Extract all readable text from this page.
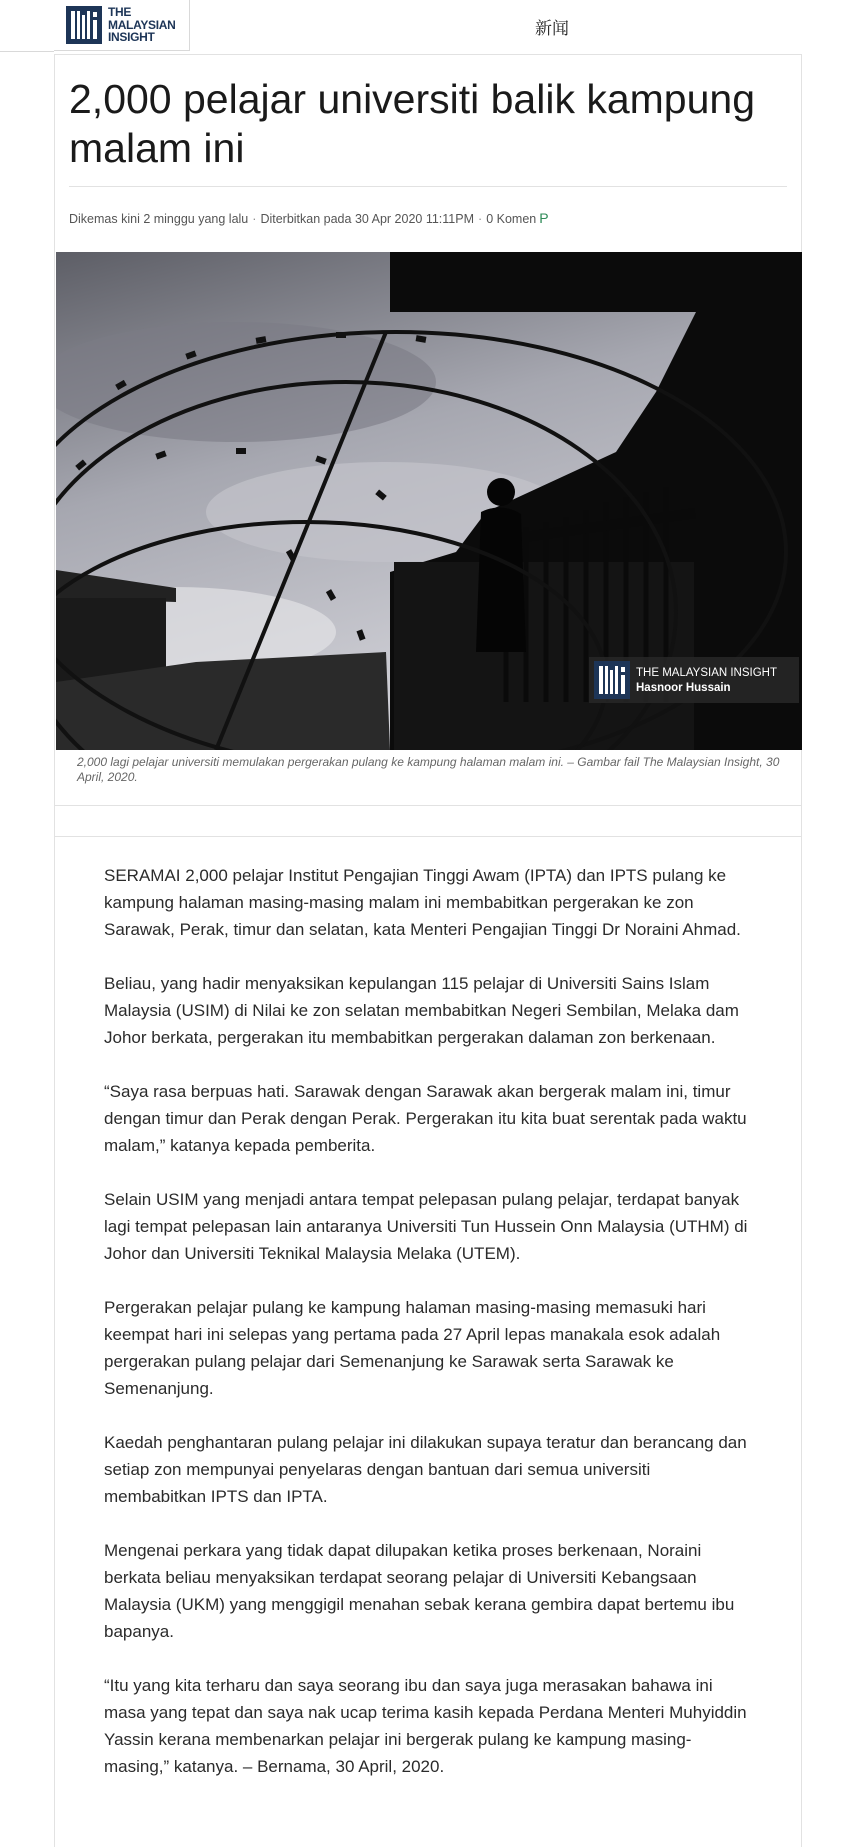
THE
MALAYSIAN
INSIGHT	新闻
2,000 pelajar universiti balik kampung malam ini
Dikemas kini 2 minggu yang lalu · Diterbitkan pada 30 Apr 2020 11:11PM · 0 Komen P
THE MALAYSIAN INSIGHT
Hasnoor Hussain
2,000 lagi pelajar universiti memulakan pergerakan pulang ke kampung halaman malam ini. – Gambar fail The Malaysian Insight, 30 April, 2020.

SERAMAI 2,000 pelajar Institut Pengajian Tinggi Awam (IPTA) dan IPTS pulang ke kampung halaman masing-masing malam ini membabitkan pergerakan ke zon Sarawak, Perak, timur dan selatan, kata Menteri Pengajian Tinggi Dr Noraini Ahmad.

Beliau, yang hadir menyaksikan kepulangan 115 pelajar di Universiti Sains Islam Malaysia (USIM) di Nilai ke zon selatan membabitkan Negeri Sembilan, Melaka dam Johor berkata, pergerakan itu membabitkan pergerakan dalaman zon berkenaan.

“Saya rasa berpuas hati. Sarawak dengan Sarawak akan bergerak malam ini, timur dengan timur dan Perak dengan Perak. Pergerakan itu kita buat serentak pada waktu malam,” katanya kepada pemberita.

Selain USIM yang menjadi antara tempat pelepasan pulang pelajar, terdapat banyak lagi tempat pelepasan lain antaranya Universiti Tun Hussein Onn Malaysia (UTHM) di Johor dan Universiti Teknikal Malaysia Melaka (UTEM).

Pergerakan pelajar pulang ke kampung halaman masing-masing memasuki hari keempat hari ini selepas yang pertama pada 27 April lepas manakala esok adalah pergerakan pulang pelajar dari Semenanjung ke Sarawak serta Sarawak ke Semenanjung.

Kaedah penghantaran pulang pelajar ini dilakukan supaya teratur dan berancang dan setiap zon mempunyai penyelaras dengan bantuan dari semua universiti membabitkan IPTS dan IPTA.

Mengenai perkara yang tidak dapat dilupakan ketika proses berkenaan, Noraini berkata beliau menyaksikan terdapat seorang pelajar di Universiti Kebangsaan Malaysia (UKM) yang menggigil menahan sebak kerana gembira dapat bertemu ibu bapanya.

“Itu yang kita terharu dan saya seorang ibu dan saya juga merasakan bahawa ini masa yang tepat dan saya nak ucap terima kasih kepada Perdana Menteri Muhyiddin Yassin kerana membenarkan pelajar ini bergerak pulang ke kampung masing-masing,” katanya. – Bernama, 30 April, 2020.
